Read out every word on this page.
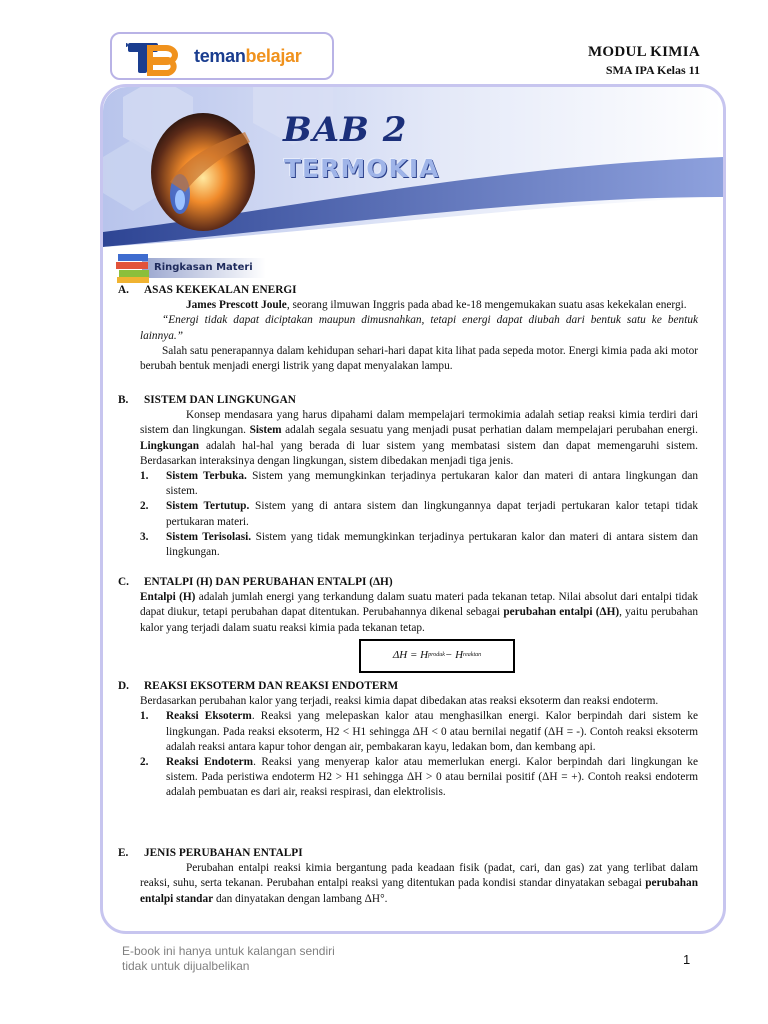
temanbelajar	MODUL KIMIA
SMA IPA Kelas 11
BAB 2
TERMOKIA
Ringkasan Materi
A.	ASAS KEKEKALAN ENERGI
James Prescott Joule, seorang ilmuwan Inggris pada abad ke-18 mengemukakan suatu asas kekekalan energi.
“Energi tidak dapat diciptakan maupun dimusnahkan, tetapi energi dapat diubah dari bentuk satu ke bentuk lainnya.”
Salah satu penerapannya dalam kehidupan sehari-hari dapat kita lihat pada sepeda motor. Energi kimia pada aki motor berubah bentuk menjadi energi listrik yang dapat menyalakan lampu.
B.	SISTEM DAN LINGKUNGAN
Konsep mendasara yang harus dipahami dalam mempelajari termokimia adalah setiap reaksi kimia terdiri dari sistem dan lingkungan. Sistem adalah segala sesuatu yang menjadi pusat perhatian dalam mempelajari perubahan energi. Lingkungan adalah hal-hal yang berada di luar sistem yang membatasi sistem dan dapat memengaruhi sistem. Berdasarkan interaksinya dengan lingkungan, sistem dibedakan menjadi tiga jenis.
1.	Sistem Terbuka. Sistem yang memungkinkan terjadinya pertukaran kalor dan materi di antara lingkungan dan sistem.
2.	Sistem Tertutup. Sistem yang di antara sistem dan lingkungannya dapat terjadi pertukaran kalor tetapi tidak pertukaran materi.
3.	Sistem Terisolasi. Sistem yang tidak memungkinkan terjadinya pertukaran kalor dan materi di antara sistem dan lingkungan.
C.	ENTALPI (H) DAN PERUBAHAN ENTALPI (ΔH)
Entalpi (H) adalah jumlah energi yang terkandung dalam suatu materi pada tekanan tetap. Nilai absolut dari entalpi tidak dapat diukur, tetapi perubahan dapat ditentukan. Perubahannya dikenal sebagai perubahan entalpi (ΔH), yaitu perubahan kalor yang terjadi dalam suatu reaksi kimia pada tekanan tetap.
ΔH = H produk − H reaktan
D.	REAKSI EKSOTERM DAN REAKSI ENDOTERM
Berdasarkan perubahan kalor yang terjadi, reaksi kimia dapat dibedakan atas reaksi eksoterm dan reaksi endoterm.
1.	Reaksi Eksoterm. Reaksi yang melepaskan kalor atau menghasilkan energi. Kalor berpindah dari sistem ke lingkungan. Pada reaksi eksoterm, H2 < H1 sehingga ΔH < 0 atau bernilai negatif (ΔH = -). Contoh reaksi eksoterm adalah reaksi antara kapur tohor dengan air, pembakaran kayu, ledakan bom, dan kembang api.
2.	Reaksi Endoterm. Reaksi yang menyerap kalor atau memerlukan energi. Kalor berpindah dari lingkungan ke sistem. Pada peristiwa endoterm H2 > H1 sehingga ΔH > 0 atau bernilai positif (ΔH = +). Contoh reaksi endoterm adalah pembuatan es dari air, reaksi respirasi, dan elektrolisis.
E.	JENIS PERUBAHAN ENTALPI
Perubahan entalpi reaksi kimia bergantung pada keadaan fisik (padat, cari, dan gas) zat yang terlibat dalam reaksi, suhu, serta tekanan. Perubahan entalpi reaksi yang ditentukan pada kondisi standar dinyatakan sebagai perubahan entalpi standar dan dinyatakan dengan lambang ΔH°.
E-book ini hanya untuk kalangan sendiri
tidak untuk dijualbelikan	1
